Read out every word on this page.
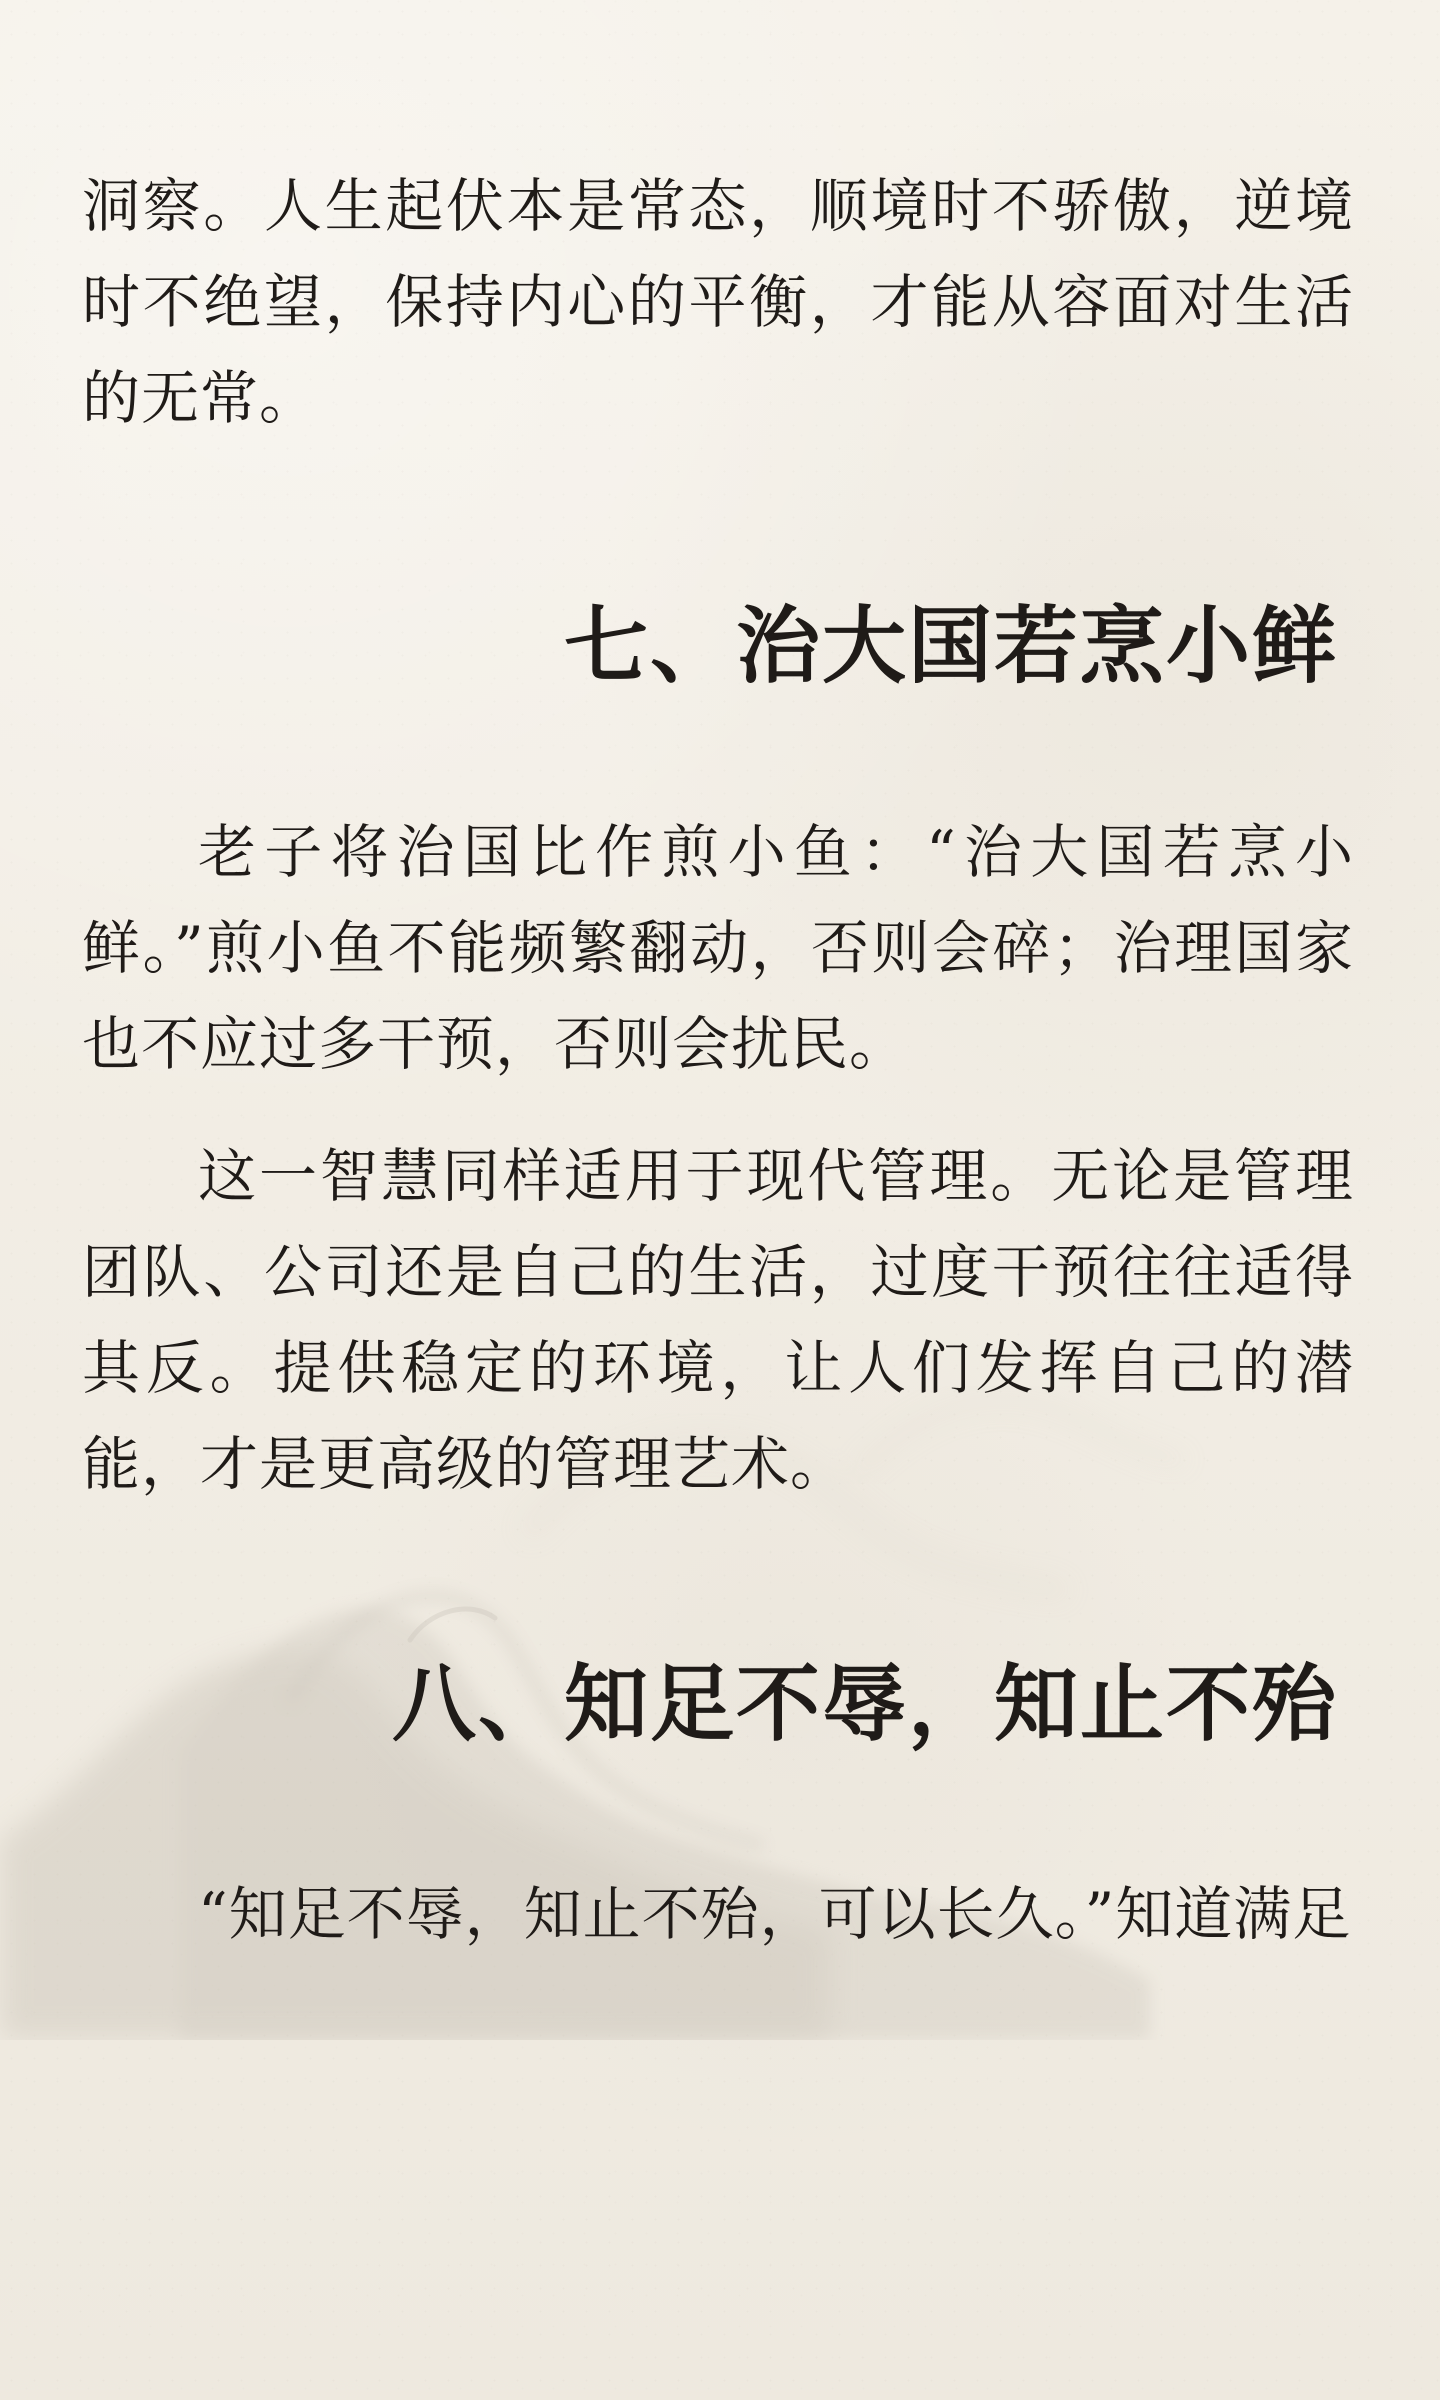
洞察。人生起伏本是常态，顺境时不骄傲，逆境时不绝望，保持内心的平衡，才能从容面对生活的无常。

七、治大国若烹小鲜

老子将治国比作煎小鱼：“治大国若烹小鲜。”煎小鱼不能频繁翻动，否则会碎；治理国家也不应过多干预，否则会扰民。

这一智慧同样适用于现代管理。无论是管理团队、公司还是自己的生活，过度干预往往适得其反。提供稳定的环境，让人们发挥自己的潜能，才是更高级的管理艺术。

八、知足不辱，知止不殆

“知足不辱，知止不殆，可以长久。”知道满足
